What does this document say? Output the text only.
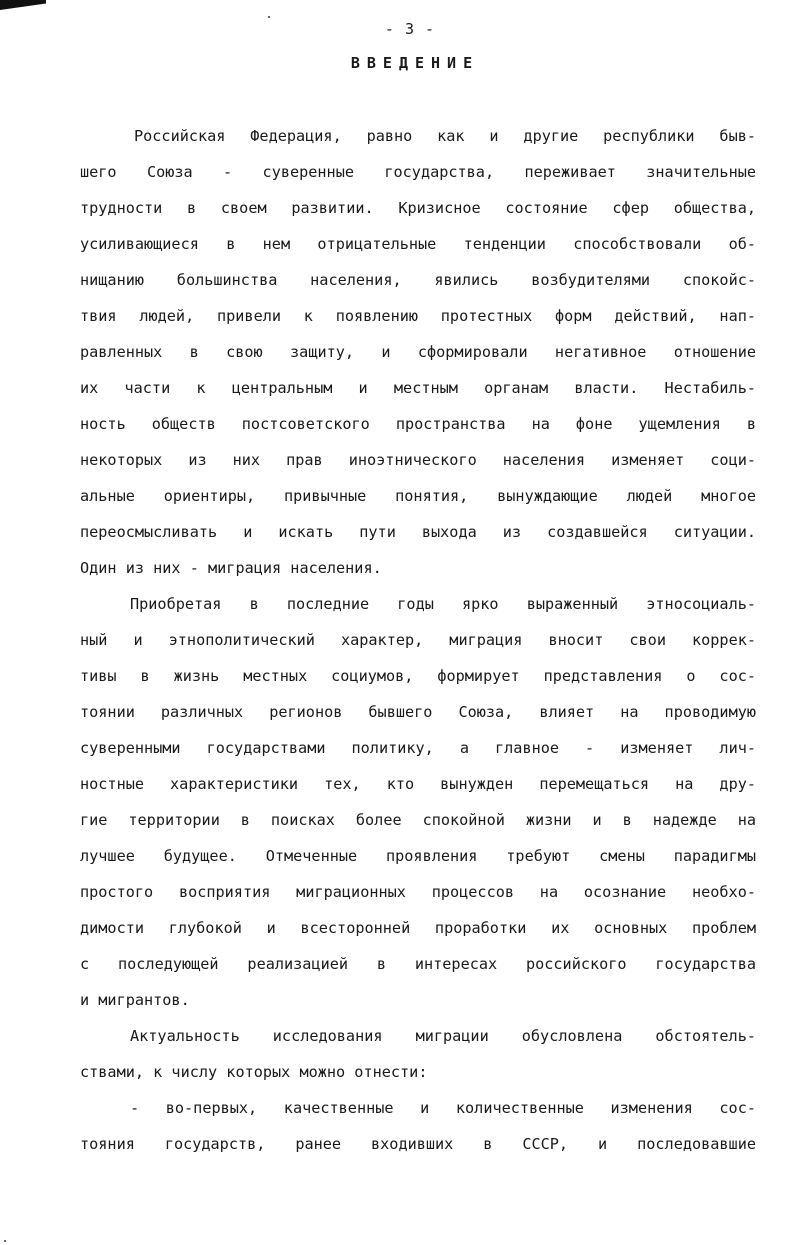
- 3 -
ВВЕДЕНИЕ
Российская Федерация, равно как и другие республики быв-
шего Союза - суверенные государства, переживает значительные
трудности в своем развитии. Кризисное состояние сфер общества,
усиливающиеся в нем отрицательные тенденции способствовали об-
нищанию большинства населения, явились возбудителями спокойс-
твия людей, привели к появлению протестных форм действий, нап-
равленных в свою защиту, и сформировали негативное отношение
их части к центральным и местным органам власти. Нестабиль-
ность обществ постсоветского пространства на фоне ущемления в
некоторых из них прав иноэтнического населения изменяет соци-
альные ориентиры, привычные понятия, вынуждающие людей многое
переосмысливать и искать пути выхода из создавшейся ситуации.
Один из них - миграция населения.
Приобретая в последние годы ярко выраженный этносоциаль-
ный и этнополитический характер, миграция вносит свои коррек-
тивы в жизнь местных социумов, формирует представления о сос-
тоянии различных регионов бывшего Союза, влияет на проводимую
суверенными государствами политику, а главное - изменяет лич-
ностные характеристики тех, кто вынужден перемещаться на дру-
гие территории в поисках более спокойной жизни и в надежде на
лучшее будущее. Отмеченные проявления требуют смены парадигмы
простого восприятия миграционных процессов на осознание необхо-
димости глубокой и всесторонней проработки их основных проблем
с последующей реализацией в интересах российского государства
и мигрантов.
Актуальность исследования миграции обусловлена обстоятель-
ствами, к числу которых можно отнести:
- во-первых, качественные и количественные изменения сос-
тояния государств, ранее входивших в СССР, и последовавшие
